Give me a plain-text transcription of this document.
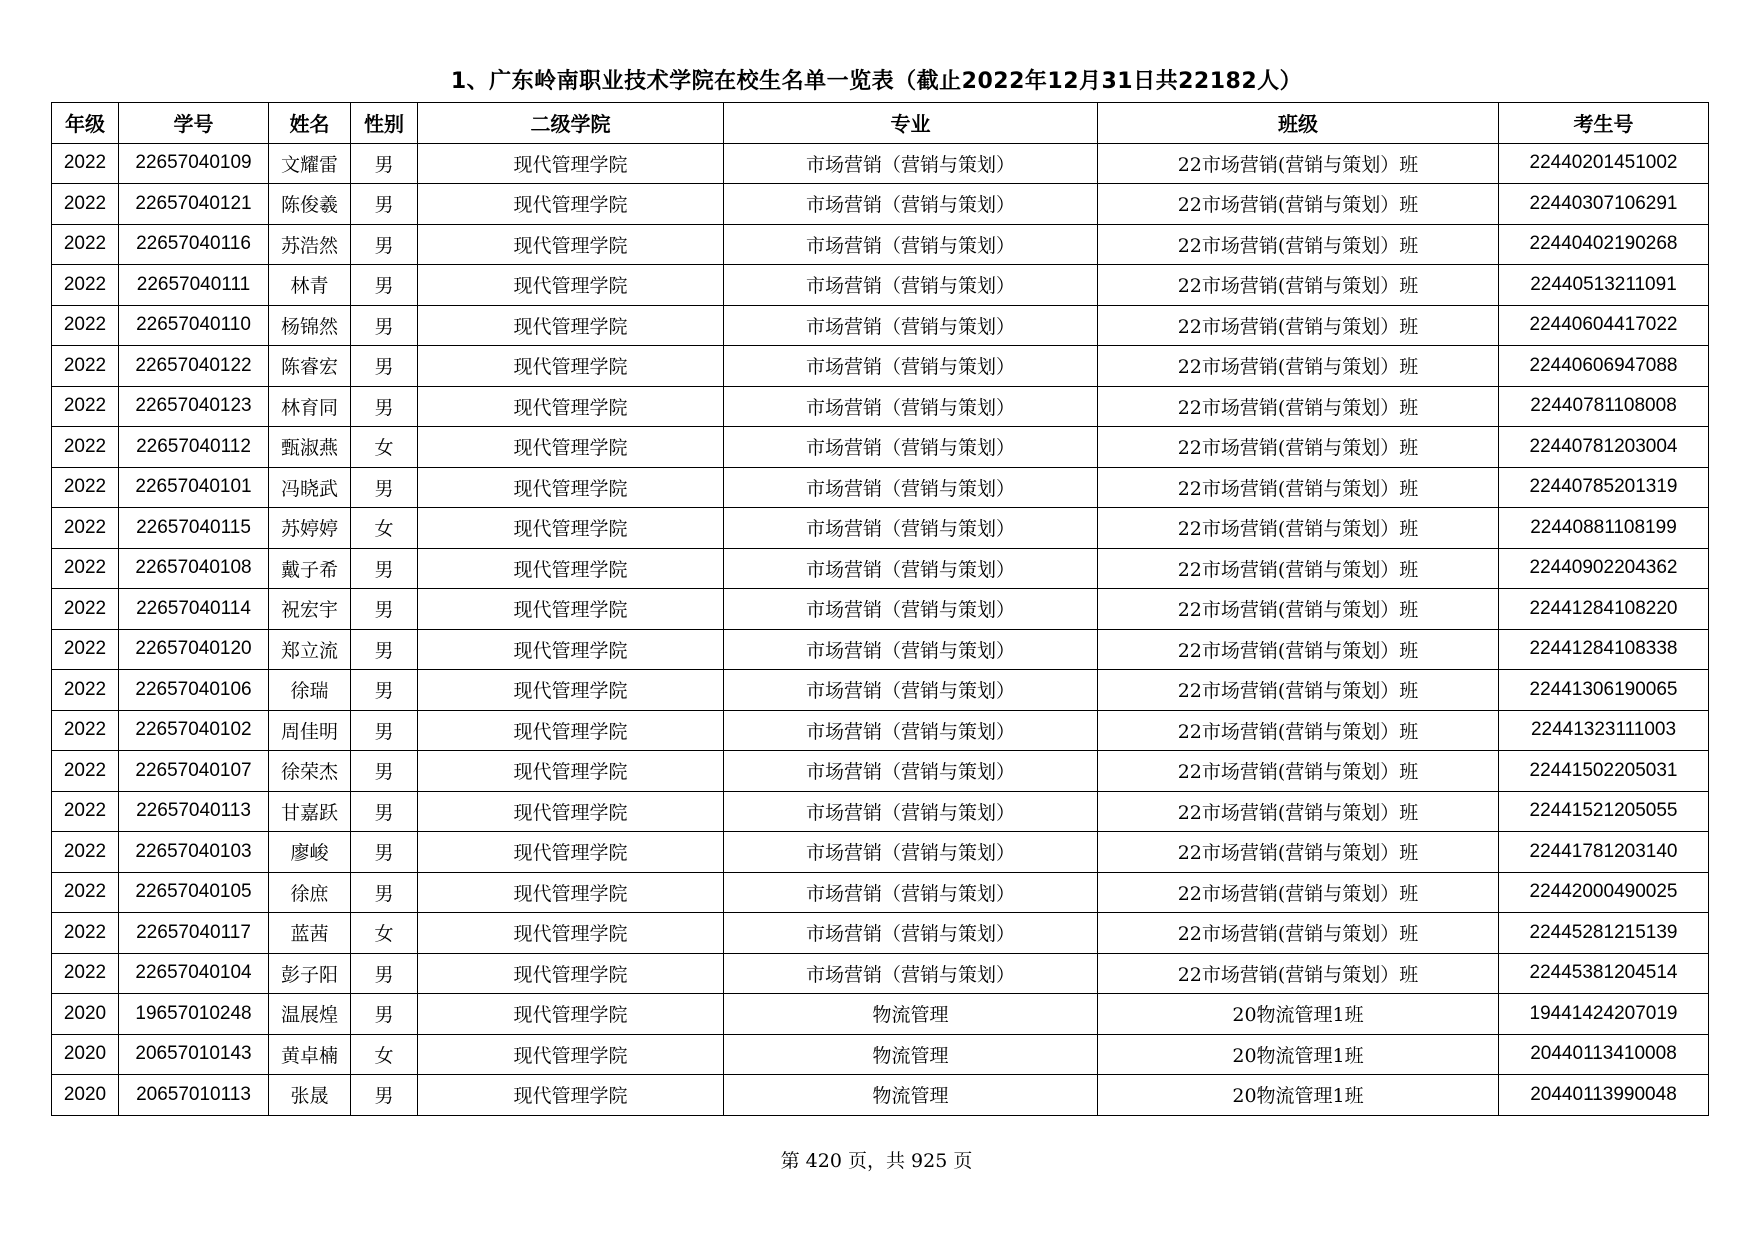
1、广东岭南职业技术学院在校生名单一览表（截止2022年12月31日共22182人）
年级	学号	姓名	性别	二级学院	专业	班级	考生号
2022	22657040109	文耀雷	男	现代管理学院	市场营销（营销与策划）	22市场营销(营销与策划）班	22440201451002
2022	22657040121	陈俊羲	男	现代管理学院	市场营销（营销与策划）	22市场营销(营销与策划）班	22440307106291
2022	22657040116	苏浩然	男	现代管理学院	市场营销（营销与策划）	22市场营销(营销与策划）班	22440402190268
2022	22657040111	林青	男	现代管理学院	市场营销（营销与策划）	22市场营销(营销与策划）班	22440513211091
2022	22657040110	杨锦然	男	现代管理学院	市场营销（营销与策划）	22市场营销(营销与策划）班	22440604417022
2022	22657040122	陈睿宏	男	现代管理学院	市场营销（营销与策划）	22市场营销(营销与策划）班	22440606947088
2022	22657040123	林育同	男	现代管理学院	市场营销（营销与策划）	22市场营销(营销与策划）班	22440781108008
2022	22657040112	甄淑燕	女	现代管理学院	市场营销（营销与策划）	22市场营销(营销与策划）班	22440781203004
2022	22657040101	冯晓武	男	现代管理学院	市场营销（营销与策划）	22市场营销(营销与策划）班	22440785201319
2022	22657040115	苏婷婷	女	现代管理学院	市场营销（营销与策划）	22市场营销(营销与策划）班	22440881108199
2022	22657040108	戴子希	男	现代管理学院	市场营销（营销与策划）	22市场营销(营销与策划）班	22440902204362
2022	22657040114	祝宏宇	男	现代管理学院	市场营销（营销与策划）	22市场营销(营销与策划）班	22441284108220
2022	22657040120	郑立流	男	现代管理学院	市场营销（营销与策划）	22市场营销(营销与策划）班	22441284108338
2022	22657040106	徐瑞	男	现代管理学院	市场营销（营销与策划）	22市场营销(营销与策划）班	22441306190065
2022	22657040102	周佳明	男	现代管理学院	市场营销（营销与策划）	22市场营销(营销与策划）班	22441323111003
2022	22657040107	徐荣杰	男	现代管理学院	市场营销（营销与策划）	22市场营销(营销与策划）班	22441502205031
2022	22657040113	甘嘉跃	男	现代管理学院	市场营销（营销与策划）	22市场营销(营销与策划）班	22441521205055
2022	22657040103	廖峻	男	现代管理学院	市场营销（营销与策划）	22市场营销(营销与策划）班	22441781203140
2022	22657040105	徐庶	男	现代管理学院	市场营销（营销与策划）	22市场营销(营销与策划）班	22442000490025
2022	22657040117	蓝茜	女	现代管理学院	市场营销（营销与策划）	22市场营销(营销与策划）班	22445281215139
2022	22657040104	彭子阳	男	现代管理学院	市场营销（营销与策划）	22市场营销(营销与策划）班	22445381204514
2020	19657010248	温展煌	男	现代管理学院	物流管理	20物流管理1班	19441424207019
2020	20657010143	黄卓楠	女	现代管理学院	物流管理	20物流管理1班	20440113410008
2020	20657010113	张晟	男	现代管理学院	物流管理	20物流管理1班	20440113990048
第 420 页，共 925 页
